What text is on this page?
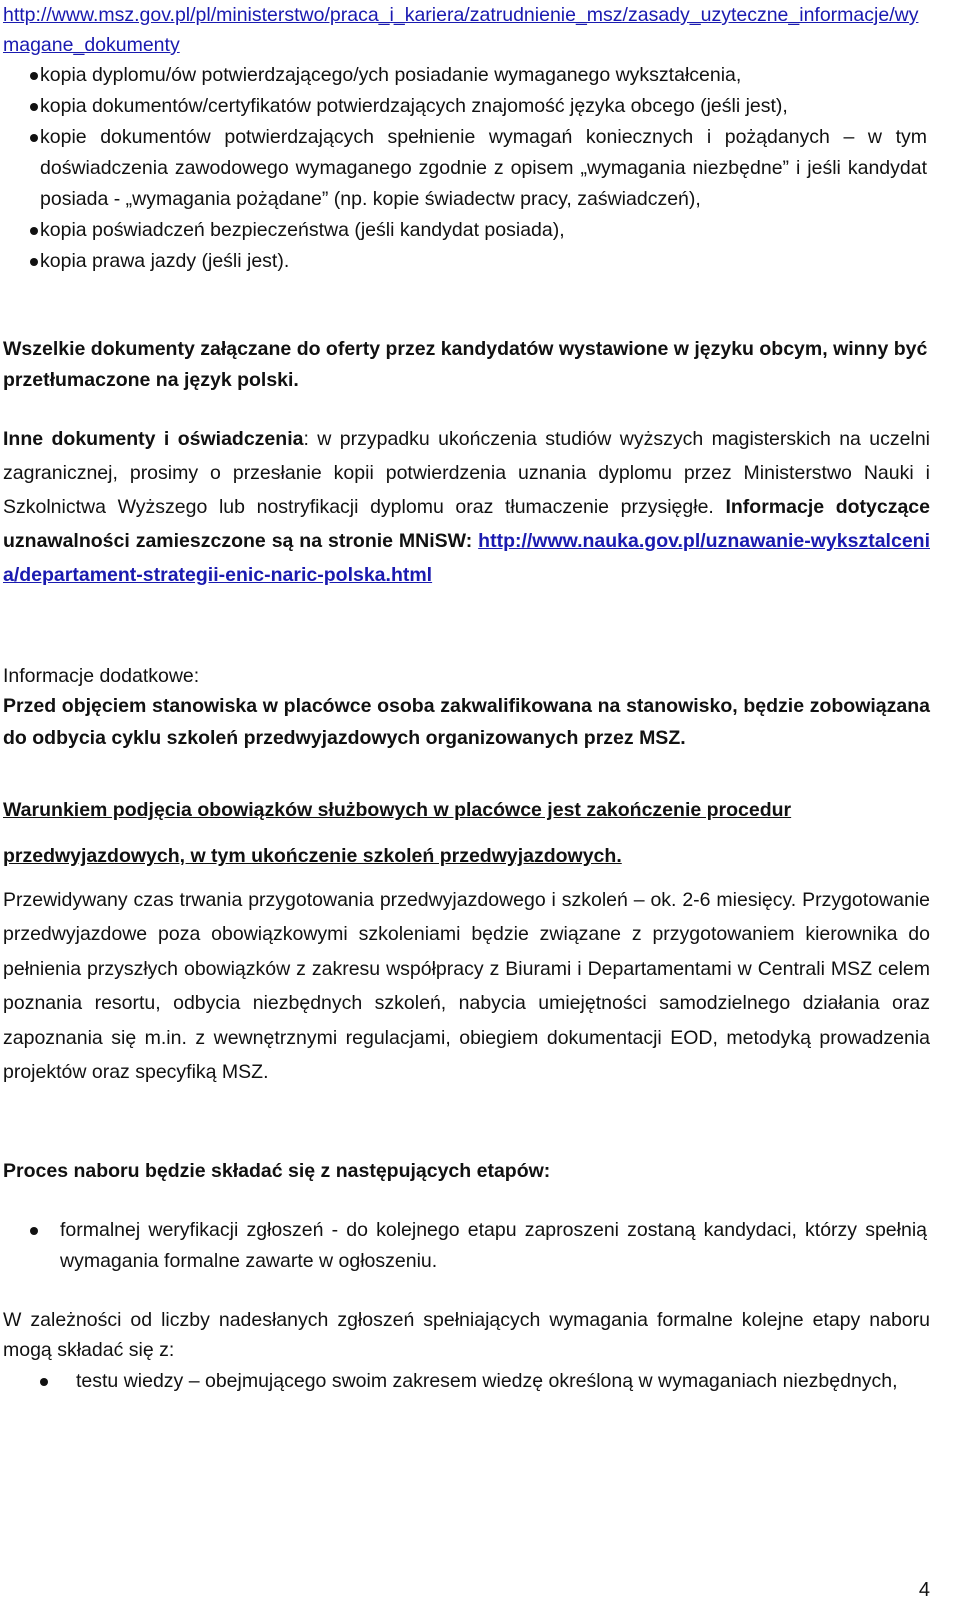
http://www.msz.gov.pl/pl/ministerstwo/praca_i_kariera/zatrudnienie_msz/zasady_uzyteczne_informacje/wymagane_dokumenty
kopia dyplomu/ów potwierdzającego/ych posiadanie wymaganego wykształcenia,
kopia dokumentów/certyfikatów potwierdzających znajomość języka obcego (jeśli jest),
kopie dokumentów potwierdzających spełnienie wymagań koniecznych i pożądanych – w tym doświadczenia zawodowego wymaganego zgodnie z opisem „wymagania niezbędne” i jeśli kandydat posiada - „wymagania pożądane” (np. kopie świadectw pracy, zaświadczeń),
kopia poświadczeń bezpieczeństwa (jeśli kandydat posiada),
kopia prawa jazdy (jeśli jest).
Wszelkie dokumenty załączane do oferty przez kandydatów wystawione w języku obcym, winny być przetłumaczone na język polski.
Inne dokumenty i oświadczenia: w przypadku ukończenia studiów wyższych magisterskich na uczelni zagranicznej, prosimy o przesłanie kopii potwierdzenia uznania dyplomu przez Ministerstwo Nauki i Szkolnictwa Wyższego lub nostryfikacji dyplomu oraz tłumaczenie przysięgłe. Informacje dotyczące uznawalności zamieszczone są na stronie MNiSW: http://www.nauka.gov.pl/uznawanie-wyksztalcenia/departament-strategii-enic-naric-polska.html
Informacje dodatkowe:
Przed objęciem stanowiska w placówce osoba zakwalifikowana na stanowisko, będzie zobowiązana do odbycia cyklu szkoleń przedwyjazdowych organizowanych przez MSZ.
Warunkiem podjęcia obowiązków służbowych w placówce jest zakończenie procedur
przedwyjazdowych, w tym ukończenie szkoleń przedwyjazdowych.
Przewidywany czas trwania przygotowania przedwyjazdowego i szkoleń – ok. 2-6 miesięcy. Przygotowanie przedwyjazdowe poza obowiązkowymi szkoleniami będzie związane z przygotowaniem kierownika do pełnienia przyszłych obowiązków z zakresu współpracy z Biurami i Departamentami w Centrali MSZ celem poznania resortu, odbycia niezbędnych szkoleń, nabycia umiejętności samodzielnego działania oraz zapoznania się m.in. z wewnętrznymi regulacjami, obiegiem dokumentacji EOD, metodyką prowadzenia projektów oraz specyfiką MSZ.
Proces naboru będzie składać się z następujących etapów:
formalnej weryfikacji zgłoszeń - do kolejnego etapu zaproszeni zostaną kandydaci, którzy spełnią wymagania formalne zawarte w ogłoszeniu.
W zależności od liczby nadesłanych zgłoszeń spełniających wymagania formalne kolejne etapy naboru mogą składać się z:
testu wiedzy – obejmującego swoim zakresem wiedzę określoną w wymaganiach niezbędnych,
4
